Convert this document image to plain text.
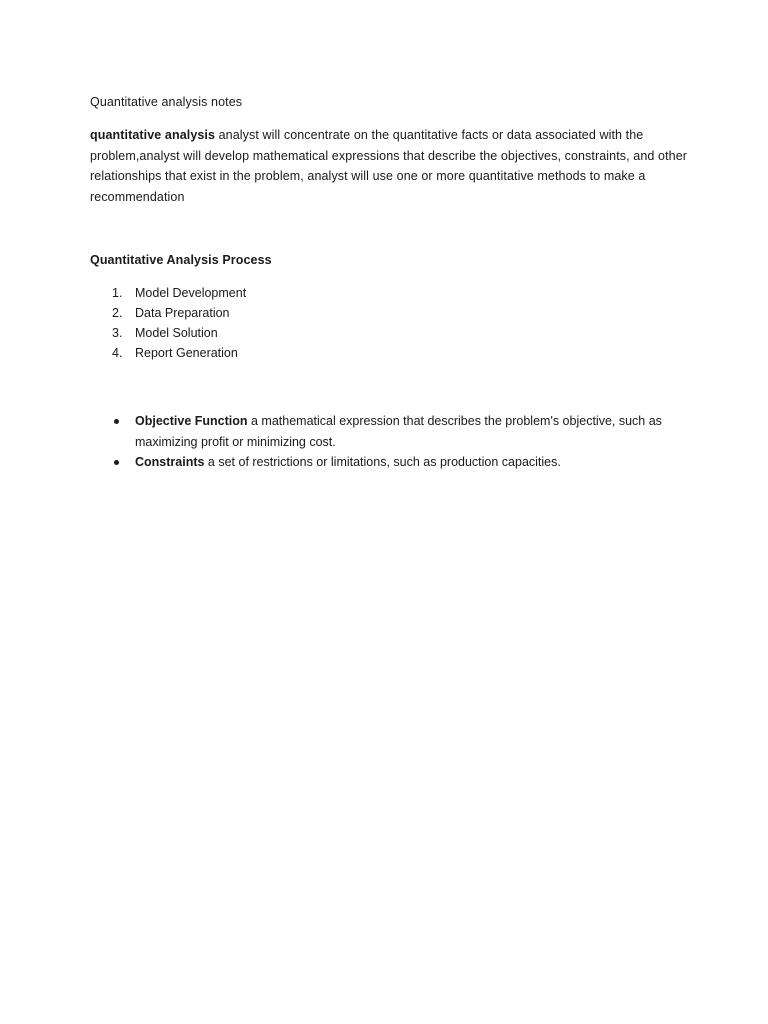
Quantitative analysis notes

quantitative analysis analyst will concentrate on the quantitative facts or data associated with the problem,analyst will develop mathematical expressions that describe the objectives, constraints, and other relationships that exist in the problem, analyst will use one or more quantitative methods to make a recommendation

Quantitative Analysis Process
1.	Model Development
2.	Data Preparation
3.	Model Solution
4.	Report Generation
Objective Function a mathematical expression that describes the problem's objective, such as maximizing profit or minimizing cost.
Constraints a set of restrictions or limitations, such as production capacities.
